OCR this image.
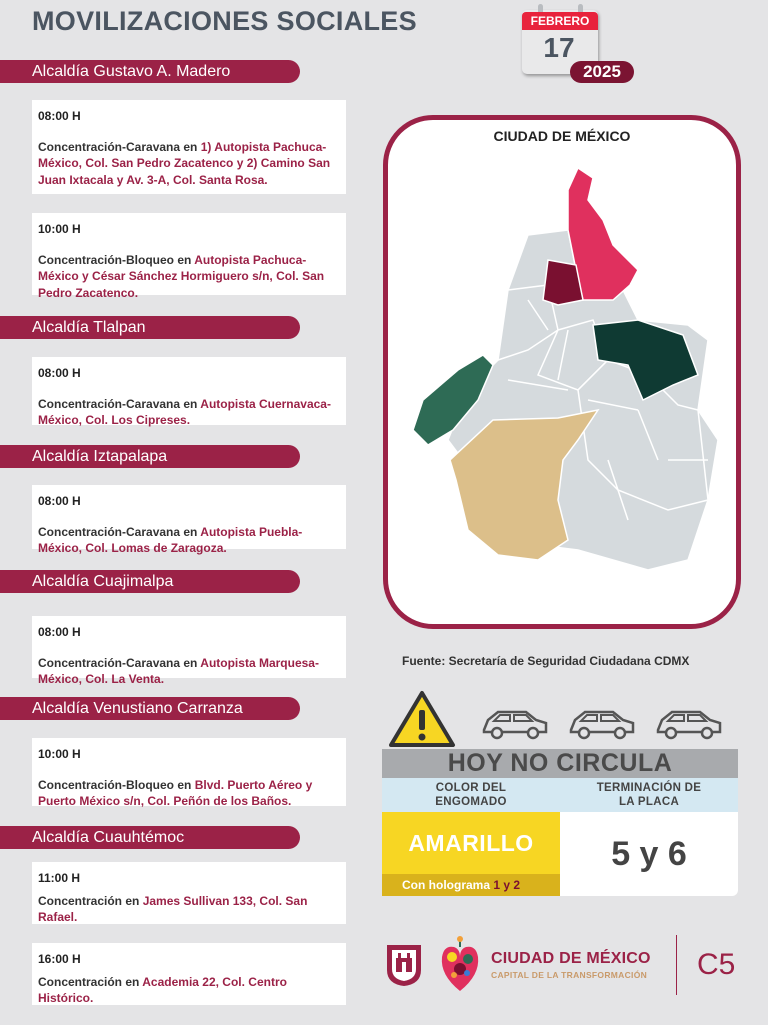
MOVILIZACIONES SOCIALES	FEBRERO
17
2025
Alcaldía Gustavo A. Madero
08:00 H
Concentración-Caravana en 1) Autopista Pachuca-México, Col. San Pedro Zacatenco y 2) Camino San Juan Ixtacala y Av. 3-A, Col. Santa Rosa.
10:00 H
Concentración-Bloqueo en Autopista Pachuca-México y César Sánchez Hormiguero s/n, Col. San Pedro Zacatenco.
Alcaldía Tlalpan
08:00 H
Concentración-Caravana en Autopista Cuernavaca-México, Col. Los Cipreses.
Alcaldía Iztapalapa
08:00 H
Concentración-Caravana en Autopista Puebla-México, Col. Lomas de Zaragoza.
Alcaldía Cuajimalpa
08:00 H
Concentración-Caravana en Autopista Marquesa-México, Col. La Venta.
Alcaldía Venustiano Carranza
10:00 H
Concentración-Bloqueo en Blvd. Puerto Aéreo y Puerto México s/n, Col. Peñón de los Baños.
Alcaldía Cuauhtémoc
11:00 H
Concentración en James Sullivan 133, Col. San Rafael.
16:00 H
Concentración en Academia 22, Col. Centro Histórico.
CIUDAD DE MÉXICO
Fuente: Secretaría de Seguridad Ciudadana CDMX
HOY NO CIRCULA
COLOR DEL
ENGOMADO
TERMINACIÓN DE
LA PLACA
AMARILLO
Con holograma 1 y 2
5 y 6
CIUDAD DE MÉXICO
CAPITAL DE LA TRANSFORMACIÓN C5
